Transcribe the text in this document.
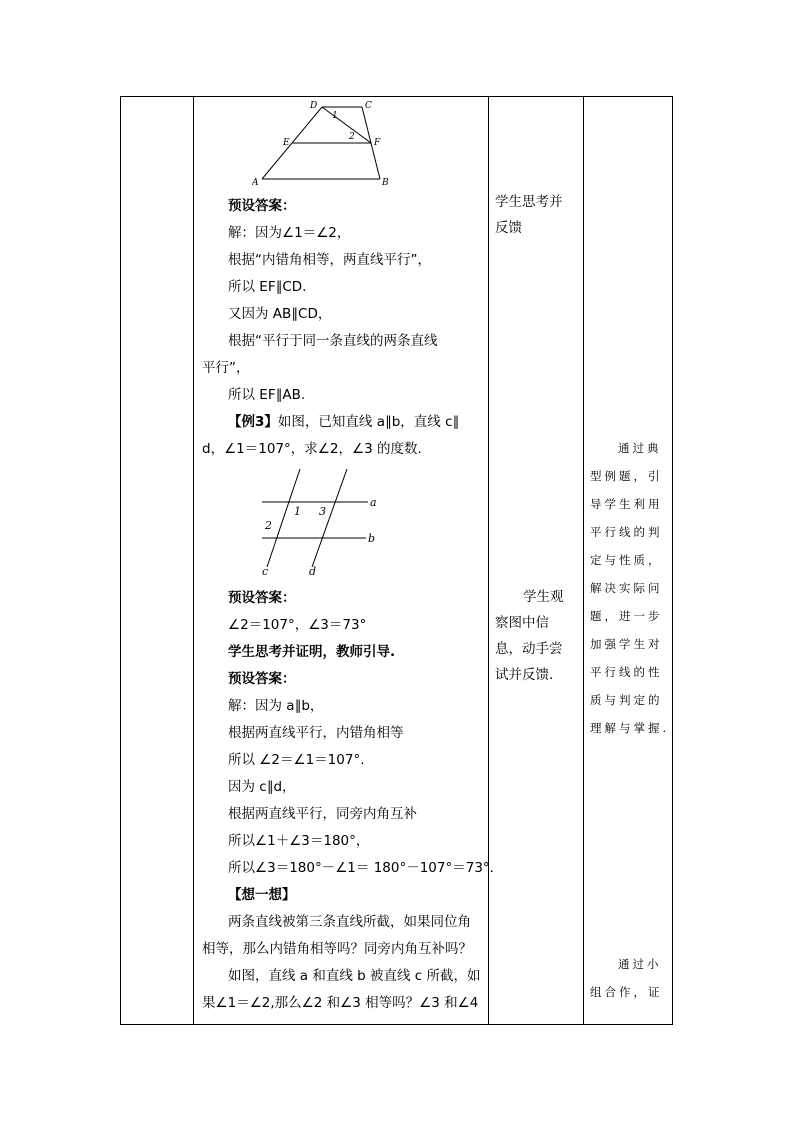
D	C
E	F
A	B
1
2
预设答案：
解：因为∠1＝∠2，
根据“内错角相等，两直线平行”，
所以 EF∥CD.
又因为 AB∥CD，
根据“平行于同一条直线的两条直线
平行”，
所以 EF∥AB.
【例3】如图，已知直线 a∥b，直线 c∥
d，∠1＝107°，求∠2，∠3 的度数.
a
b
c	d
1
2
3
预设答案：
∠2＝107°，∠3＝73°
学生思考并证明，教师引导.
预设答案：
解：因为 a∥b，
根据两直线平行，内错角相等
所以 ∠2＝∠1＝107°.
因为 c∥d，
根据两直线平行，同旁内角互补
所以∠1＋∠3＝180°，
所以∠3＝180°－∠1＝ 180°－107°＝73°．
【想一想】
两条直线被第三条直线所截，如果同位角
相等，那么内错角相等吗？同旁内角互补吗？
如图，直线 a 和直线 b 被直线 c 所截，如
果∠1＝∠2,那么∠2 和∠3 相等吗？∠3 和∠4
学生思考并
反馈
学生观
察图中信
息，动手尝
试并反馈.
通过典
型例题，引
导学生利用
平行线的判
定与性质，
解决实际问
题，进一步
加强学生对
平行线的性
质与判定的
理解与掌握.
通过小
组合作，证
